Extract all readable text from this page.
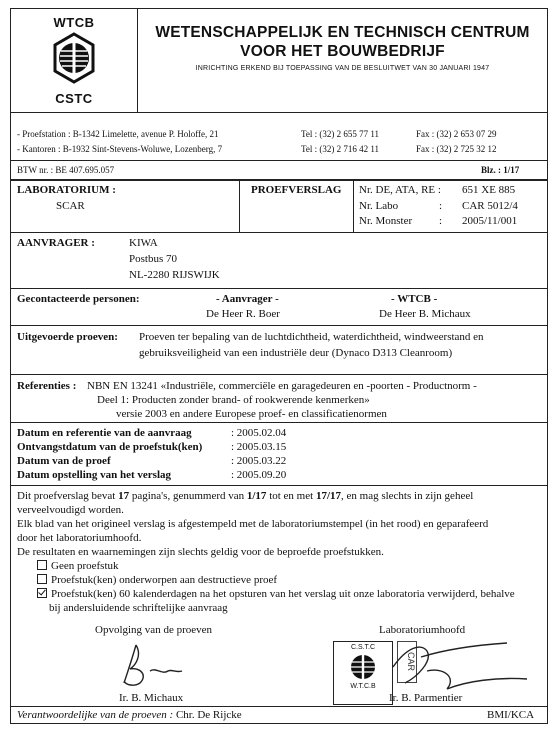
WTCB
CSTC
WETENSCHAPPELIJK EN TECHNISCH CENTRUM
VOOR HET BOUWBEDRIJF
INRICHTING ERKEND BIJ TOEPASSING VAN DE BESLUITWET VAN 30 JANUARI 1947
- Proefstation : B-1342 Limelette, avenue P. Holoffe, 21	Tel : (32) 2 655 77 11	Fax : (32) 2 653 07 29
- Kantoren : B-1932 Sint-Stevens-Woluwe, Lozenberg, 7	Tel : (32) 2 716 42 11	Fax : (32) 2 725 32 12
BTW nr. : BE 407.695.057	Blz. : 1/17
LABORATORIUM :
SCAR
PROEFVERSLAG Nr. DE, ATA, RE : 651 XE 885
Nr. Labo	: CAR 5012/4
Nr. Monster : 2005/11/001
AANVRAGER :	KIWA
Postbus 70
NL-2280 RIJSWIJK
Gecontacteerde personen:	- Aanvrager -
De Heer R. Boer
- WTCB -
De Heer B. Michaux
Uitgevoerde proeven: Proeven ter bepaling van de luchtdichtheid, waterdichtheid, windweerstand en
gebruiksveiligheid van een industriële deur (Dynaco D313 Cleanroom)
Referenties : NBN EN 13241 «Industriële, commerciële en garagedeuren en -poorten - Productnorm -
Deel 1: Producten zonder brand- of rookwerende kenmerken»
versie 2003 en andere Europese proef- en classificatienormen
Datum en referentie van de aanvraag	: 2005.02.04
Ontvangstdatum van de proefstuk(ken)	: 2005.03.15
Datum van de proef	: 2005.03.22
Datum opstelling van het verslag	: 2005.09.20
Dit proefverslag bevat 17 pagina's, genummerd van 1/17 tot en met 17/17, en mag slechts in zijn geheel
verveelvoudigd worden.
Elk blad van het origineel verslag is afgestempeld met de laboratoriumstempel (in het rood) en geparafeerd
door het laboratoriumhoofd.
De resultaten en waarnemingen zijn slechts geldig voor de beproefde proefstukken.
Geen proefstuk
Proefstuk(ken) onderworpen aan destructieve proef
Proefstuk(ken) 60 kalenderdagen na het opsturen van het verslag uit onze laboratoria verwijderd, behalve
bij andersluidende schriftelijke aanvraag
Opvolging van de proeven
Ir. B. Michaux
Laboratoriumhoofd
C.S.T.C
W.T.C.B
CAR
Ir. B. Parmentier
Verantwoordelijke van de proeven : Chr. De Rijcke	BMI/KCA
